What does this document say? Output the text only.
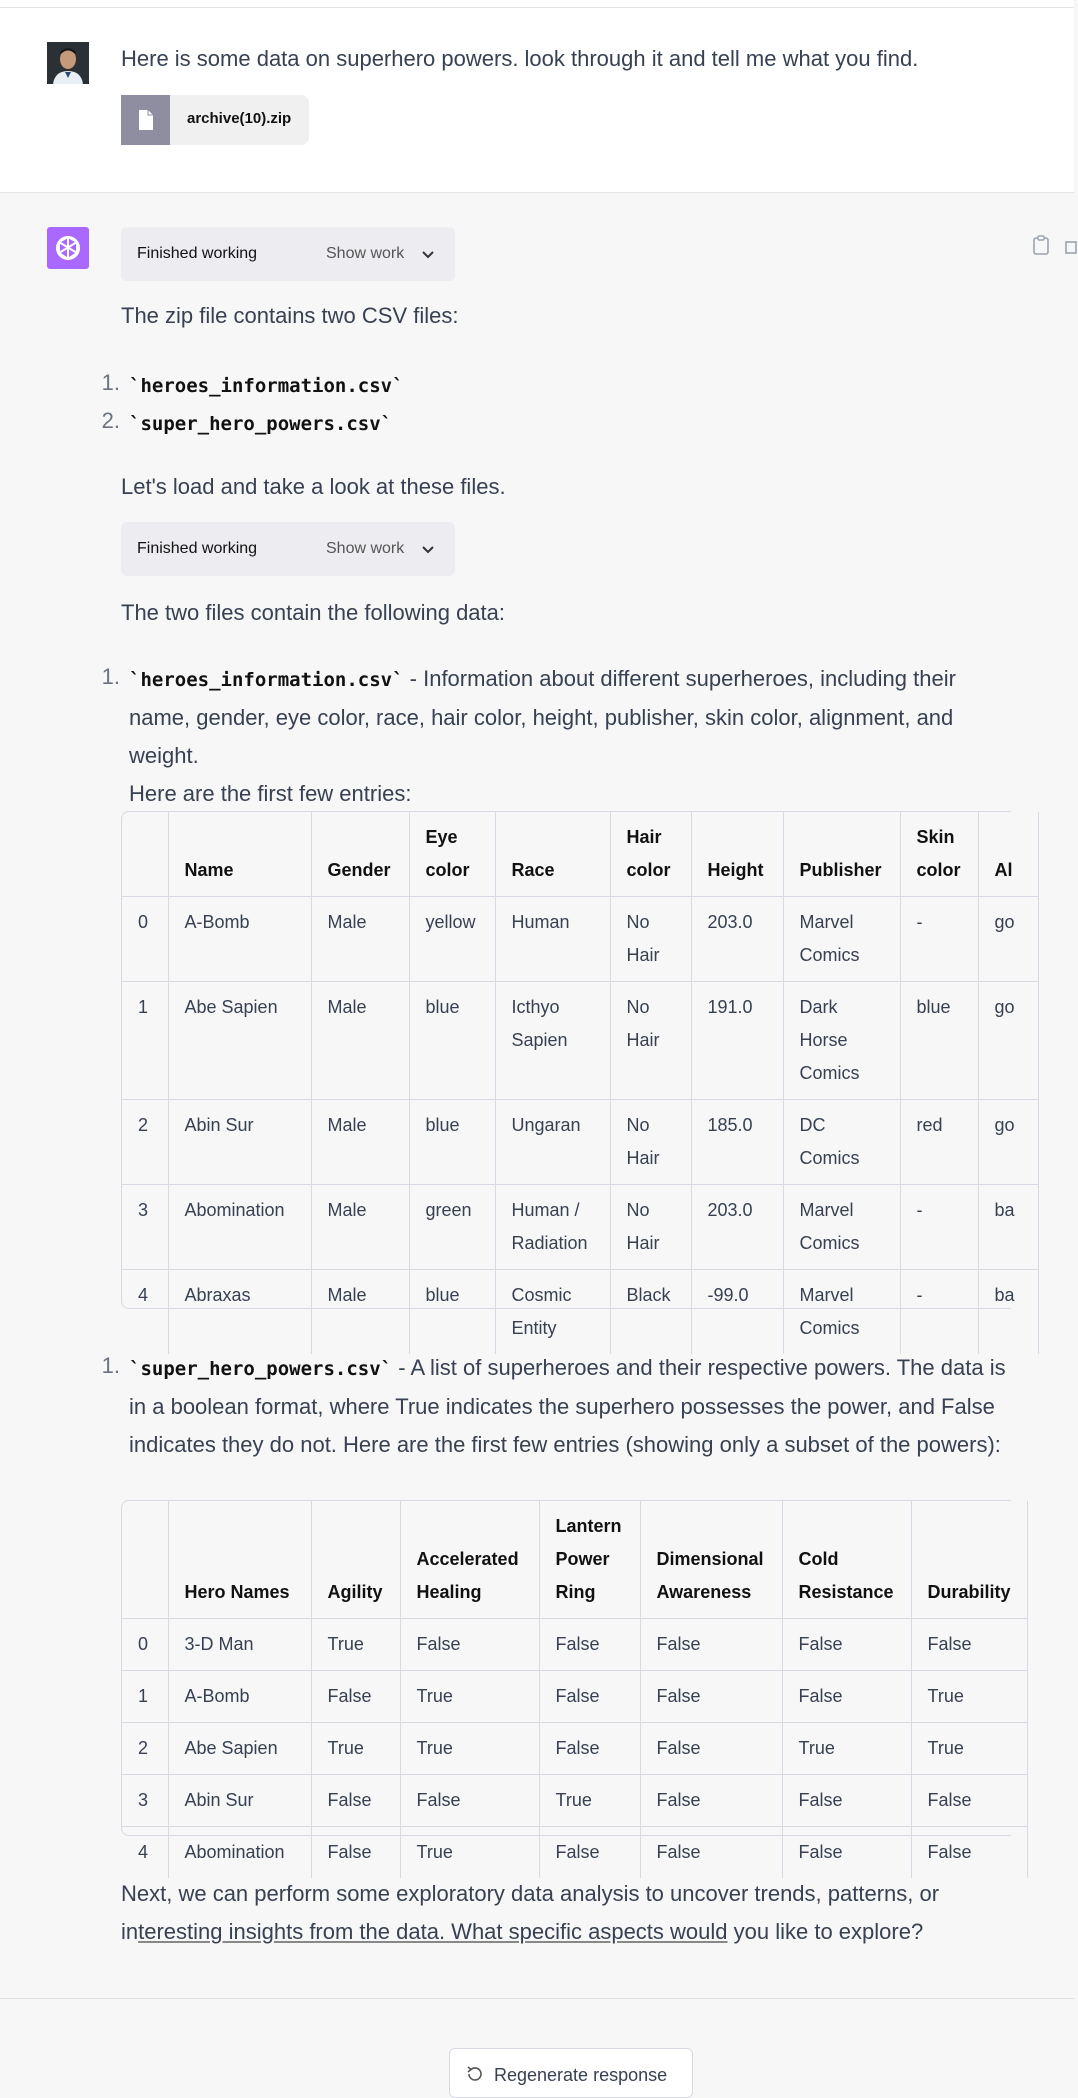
Here is some data on superhero powers. look through it and tell me what you find.
archive(10).zip
Finished working	Show work
The zip file contains two CSV files:
1. `heroes_information.csv`
2. `super_hero_powers.csv`
Let's load and take a look at these files.
Finished working	Show work
The two files contain the following data:
1. `heroes_information.csv` - Information about different superheroes, including their
name, gender, eye color, race, hair color, height, publisher, skin color, alignment, and weight.
Here are the first few entries:
	Name	Gender	Eye color	Race	Hair color	Height	Publisher	Skin color	Al
0	A-Bomb	Male	yellow	Human	No Hair	203.0	Marvel Comics	-	go
1	Abe Sapien	Male	blue	Icthyo Sapien	No Hair	191.0	Dark Horse Comics	blue	go
2	Abin Sur	Male	blue	Ungaran	No Hair	185.0	DC Comics	red	go
3	Abomination	Male	green	Human / Radiation	No Hair	203.0	Marvel Comics	-	ba
4	Abraxas	Male	blue	Cosmic Entity	Black	-99.0	Marvel Comics	-	ba
1. `super_hero_powers.csv` - A list of superheroes and their respective powers. The data is
in a boolean format, where True indicates the superhero possesses the power, and False
indicates they do not. Here are the first few entries (showing only a subset of the powers):
	Hero Names	Agility	Accelerated Healing	Lantern Power Ring	Dimensional Awareness	Cold Resistance	Durability
0	3-D Man	True	False	False	False	False	False
1	A-Bomb	False	True	False	False	False	True
2	Abe Sapien	True	True	False	False	True	True
3	Abin Sur	False	False	True	False	False	False
4	Abomination	False	True	False	False	False	False
Next, we can perform some exploratory data analysis to uncover trends, patterns, or
interesting insights from the data. What specific aspects would you like to explore?
Regenerate response
